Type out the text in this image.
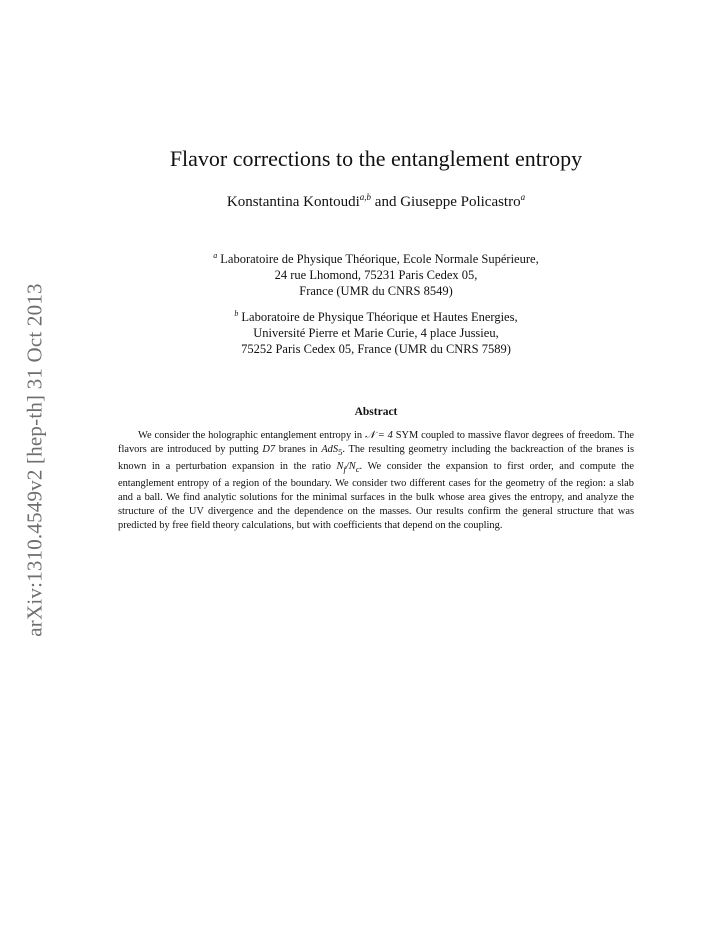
arXiv:1310.4549v2 [hep-th] 31 Oct 2013
Flavor corrections to the entanglement entropy
Konstantina Kontoudi$^{a,b}$ and Giuseppe Policastro$^a$
$^a$ Laboratoire de Physique Théorique, Ecole Normale Supérieure,
24 rue Lhomond, 75231 Paris Cedex 05,
France (UMR du CNRS 8549)
$^b$ Laboratoire de Physique Théorique et Hautes Energies,
Université Pierre et Marie Curie, 4 place Jussieu,
75252 Paris Cedex 05, France (UMR du CNRS 7589)
Abstract
We consider the holographic entanglement entropy in 𝒩 = 4 SYM coupled to massive flavor degrees of freedom. The flavors are introduced by putting D7 branes in AdS$_5$. The resulting geometry including the backreaction of the branes is known in a perturbation expansion in the ratio $N_f/N_c$. We consider the expansion to first order, and compute the entanglement entropy of a region of the boundary. We consider two different cases for the geometry of the region: a slab and a ball. We find analytic solutions for the minimal surfaces in the bulk whose area gives the entropy, and analyze the structure of the UV divergence and the dependence on the masses. Our results confirm the general structure that was predicted by free field theory calculations, but with coefficients that depend on the coupling.
